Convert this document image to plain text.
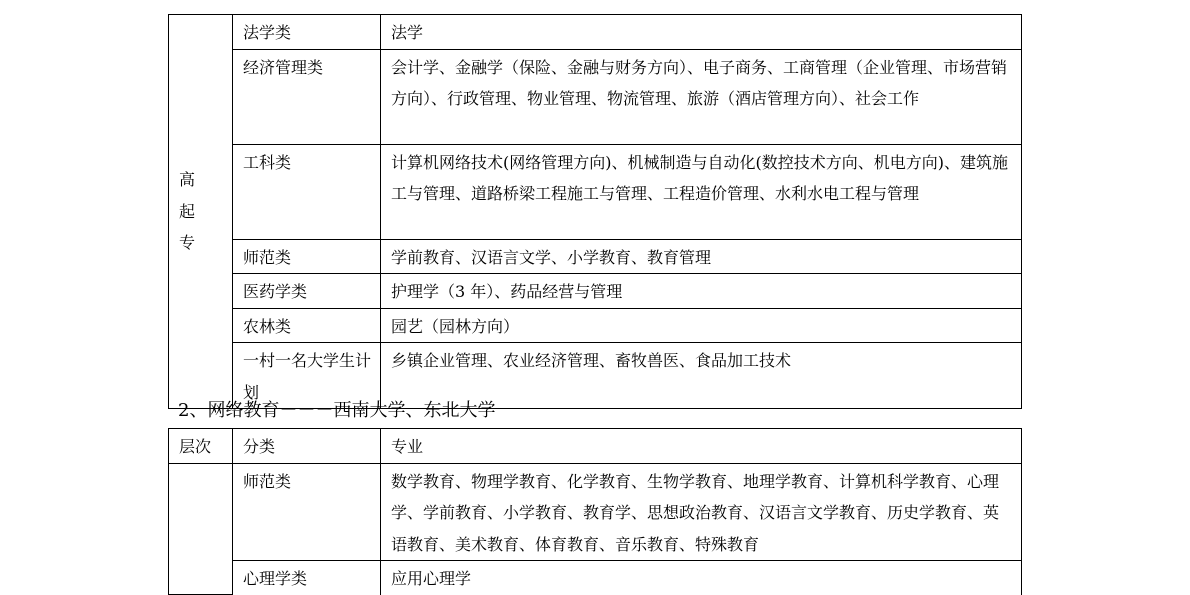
高
起
专	法学类	法学
	经济管理类	会计学、金融学（保险、金融与财务方向）、电子商务、工商管理（企业管理、市场营销方向）、行政管理、物业管理、物流管理、旅游（酒店管理方向）、社会工作
	工科类	计算机网络技术(网络管理方向)、机械制造与自动化(数控技术方向、机电方向)、建筑施工与管理、道路桥梁工程施工与管理、工程造价管理、水利水电工程与管理
	师范类	学前教育、汉语言文学、小学教育、教育管理
	医药学类	护理学（3 年）、药品经营与管理
	农林类	园艺（园林方向）
	一村一名大学生计划	乡镇企业管理、农业经济管理、畜牧兽医、食品加工技术
2、网络教育－－－西南大学、东北大学
层次	分类	专业
	师范类	数学教育、物理学教育、化学教育、生物学教育、地理学教育、计算机科学教育、心理学、学前教育、小学教育、教育学、思想政治教育、汉语言文学教育、历史学教育、英语教育、美术教育、体育教育、音乐教育、特殊教育
	心理学类	应用心理学
